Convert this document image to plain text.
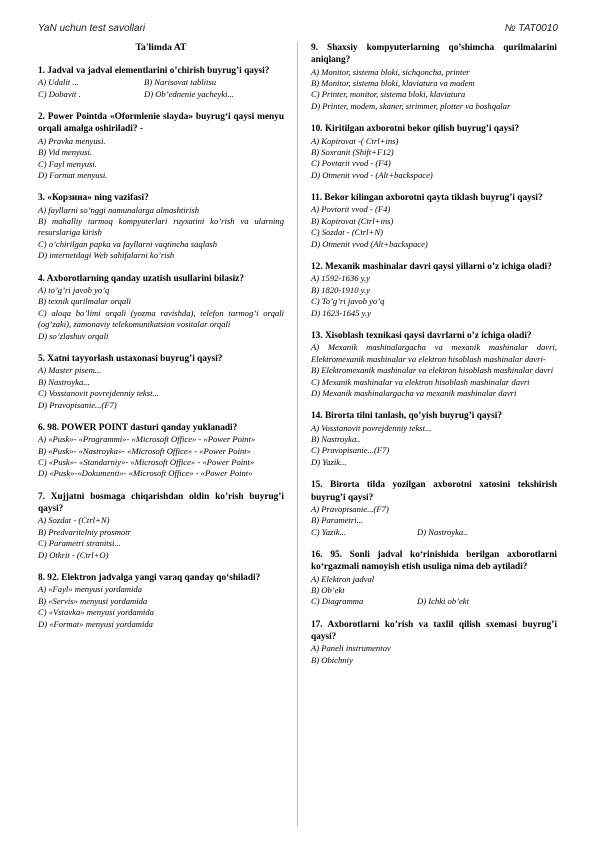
YaN uchun test savollari	№ TAT0010
Ta'limda AT
1. Jadval va jadval elementlarini o’chirish buyrug’i qaysi?
A) Udalit ...	B) Narisovat tablitsu
C) Dobavit .	D) Ob’ednenie yacheyki...
2. Power Pointda «Oformlenie slayda» buyrug‘i qaysi menyu orqali amalga oshiriladi? -
A) Pravka menyusi.
B) Vid menyusi.
C) Fayl menyusi.
D) Format menyusi.
3. «Корзина» ning vazifasi?
A) fayllarni so’nggi namunalarga almashtirish
B) mahalliy tarmoq kompyuterlari ruyxatini ko’rish va ularning resurslariga kirish
C) o’chirilgan papka va fayllarni vaqtincha saqlash
D) internetdagi Web sahifalarni ko’rish
4. Axborotlarning qanday uzatish usullarini bilasiz?
A) to’g’ri javob yo’q
B) texnik qurilmalar orqali
C) aloqa bo’limi orqali (yozma ravishda), telefon tarmog’i orqali (og’zaki), zamonaviy telekomunikatsion vositalar orqali
D) so’zlashuv orqali
5. Xatni tayyorlash ustaxonasi buyrug’i qaysi?
A) Master pisem...
B) Nastroyka...
C) Vosstanovit povrejdenniy tekst...
D) Pravopisanie...(F7)
6. 98. POWER POINT dasturi qanday yuklanadi?
A) «Pusk»- «Programmi»- «Microsoft Office» - «Power Point»
B) «Pusk»- «Nastroyka»- «Microsoft Office» - «Power Point»
C) «Pusk»- «Standarniy»- «Microsoft Office» - «Power Point»
D) «Pusk»-«Dokumenti»- «Microsoft Office» - «Power Point»
7. Xujjatni bosmaga chiqarishdan oldin ko’rish buyrug’i qaysi?
A) Sozdat - (Ctrl+N)
B) Predvaritelniy prosmotr
C) Parametri stranitsi...
D) Otkrit - (Ctrl+O)
8. 92. Elektron jadvalga yangi varaq qanday qo‘shiladi?
A) «Fayl» menyusi yordamida
B) «Servis» menyusi yordamida
C) «Vstavka» menyusi yordamida
D) «Format» menyusi yordamida
9. Shaxsiy kompyuterlarning qo’shimcha qurilmalarini aniqlang?
A) Monitor, sistema bloki, sichqoncha, printer
B) Monitor, sistema bloki, klaviatura va modem
C) Printer, monitor, sistema bloki, klaviatura
D) Printer, modem, skaner, strimmer, plotter va boshqalar
10. Kiritilgan axborotni bekor qilish buyrug’i qaysi?
A) Kopirovat -( Ctrl+ins)
B) Soxranit (Shift+F12)
C) Povtarit vvod - (F4)
D) Otmenit vvod - (Alt+backspace)
11. Bekor kilingan axborotni qayta tiklash buyrug’i qaysi?
A) Povtorit vvod - (F4)
B) Kopirovat (Ctrl+ins)
C) Sozdat - (Ctrl+N)
D) Otmenit vvod (Alt+backspace)
12. Mexanik mashinalar davri qaysi yillarni o’z ichiga oladi?
A) 1592-1636 y.y
B) 1820-1910 y.y
C) To’g’ri javob yo’q
D) 1623-1645 y.y
13. Xisoblash texnikasi qaysi davrlarni o’z ichiga oladi?
A) Mexanik mashinalargacha va mexanik mashinalar davri, Elektromexanik mashinalar va elektron hisoblash mashinalar davri-
B) Elektromexanik mashinalar va elektron hisoblash mashinalar davri
C) Mexanik mashinalar va elektron hisoblash mashinalar davri
D) Mexanik mashinalargacha va mexanik mashinalar davri
14. Birorta tilni tanlash, qo’yish buyrug’i qaysi?
A) Vosstanovit povrejdenniy tekst...
B) Nastroyka..
C) Pravopisanie...(F7)
D) Yazik...
15. Birorta tilda yozilgan axborotni xatosini tekshirish buyrug’i qaysi?
A) Pravopisanie...(F7)
B) Parametri...
C) Yazik...	D) Nastroyka..
16. 95. Sonli jadval ko‘rinishida berilgan axborotlarni ko‘rgazmali namoyish etish usuliga nima deb aytiladi?
A) Elektron jadval
B) Ob’ekt
C) Diagramma	D) Ichki ob’ekt
17. Axborotlarni ko’rish va taxlil qilish sxemasi buyrug’i qaysi?
A) Paneli instrumentov
B) Obichniy
